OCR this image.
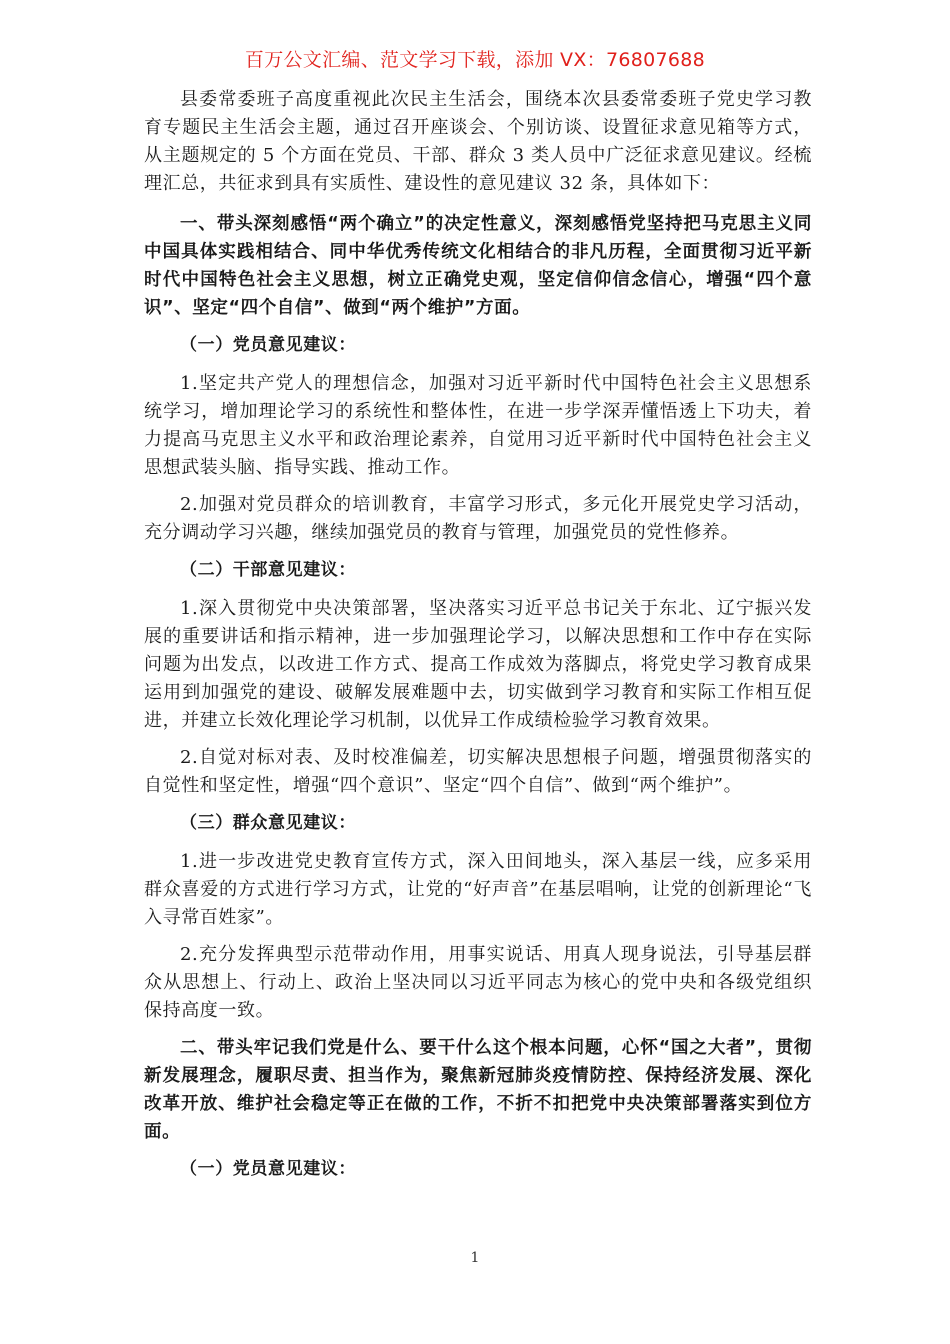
百万公文汇编、范文学习下载，添加 VX：76807688

县委常委班子高度重视此次民主生活会，围绕本次县委常委班子党史学习教育专题民主生活会主题，通过召开座谈会、个别访谈、设置征求意见箱等方式，从主题规定的 5 个方面在党员、干部、群众 3 类人员中广泛征求意见建议。经梳理汇总，共征求到具有实质性、建设性的意见建议 32 条，具体如下：

一、带头深刻感悟“两个确立”的决定性意义，深刻感悟党坚持把马克思主义同中国具体实践相结合、同中华优秀传统文化相结合的非凡历程，全面贯彻习近平新时代中国特色社会主义思想，树立正确党史观，坚定信仰信念信心，增强“四个意识”、坚定“四个自信”、做到“两个维护”方面。

（一）党员意见建议：

1.坚定共产党人的理想信念，加强对习近平新时代中国特色社会主义思想系统学习，增加理论学习的系统性和整体性，在进一步学深弄懂悟透上下功夫，着力提高马克思主义水平和政治理论素养，自觉用习近平新时代中国特色社会主义思想武装头脑、指导实践、推动工作。

2.加强对党员群众的培训教育，丰富学习形式，多元化开展党史学习活动，充分调动学习兴趣，继续加强党员的教育与管理，加强党员的党性修养。

（二）干部意见建议：

1.深入贯彻党中央决策部署，坚决落实习近平总书记关于东北、辽宁振兴发展的重要讲话和指示精神，进一步加强理论学习，以解决思想和工作中存在实际问题为出发点，以改进工作方式、提高工作成效为落脚点，将党史学习教育成果运用到加强党的建设、破解发展难题中去，切实做到学习教育和实际工作相互促进，并建立长效化理论学习机制，以优异工作成绩检验学习教育效果。

2.自觉对标对表、及时校准偏差，切实解决思想根子问题，增强贯彻落实的自觉性和坚定性，增强“四个意识”、坚定“四个自信”、做到“两个维护”。

（三）群众意见建议：

1.进一步改进党史教育宣传方式，深入田间地头，深入基层一线，应多采用群众喜爱的方式进行学习方式，让党的“好声音”在基层唱响，让党的创新理论“飞入寻常百姓家”。

2.充分发挥典型示范带动作用，用事实说话、用真人现身说法，引导基层群众从思想上、行动上、政治上坚决同以习近平同志为核心的党中央和各级党组织保持高度一致。

二、带头牢记我们党是什么、要干什么这个根本问题，心怀“国之大者”，贯彻新发展理念，履职尽责、担当作为，聚焦新冠肺炎疫情防控、保持经济发展、深化改革开放、维护社会稳定等正在做的工作，不折不扣把党中央决策部署落实到位方面。

（一）党员意见建议：

1
